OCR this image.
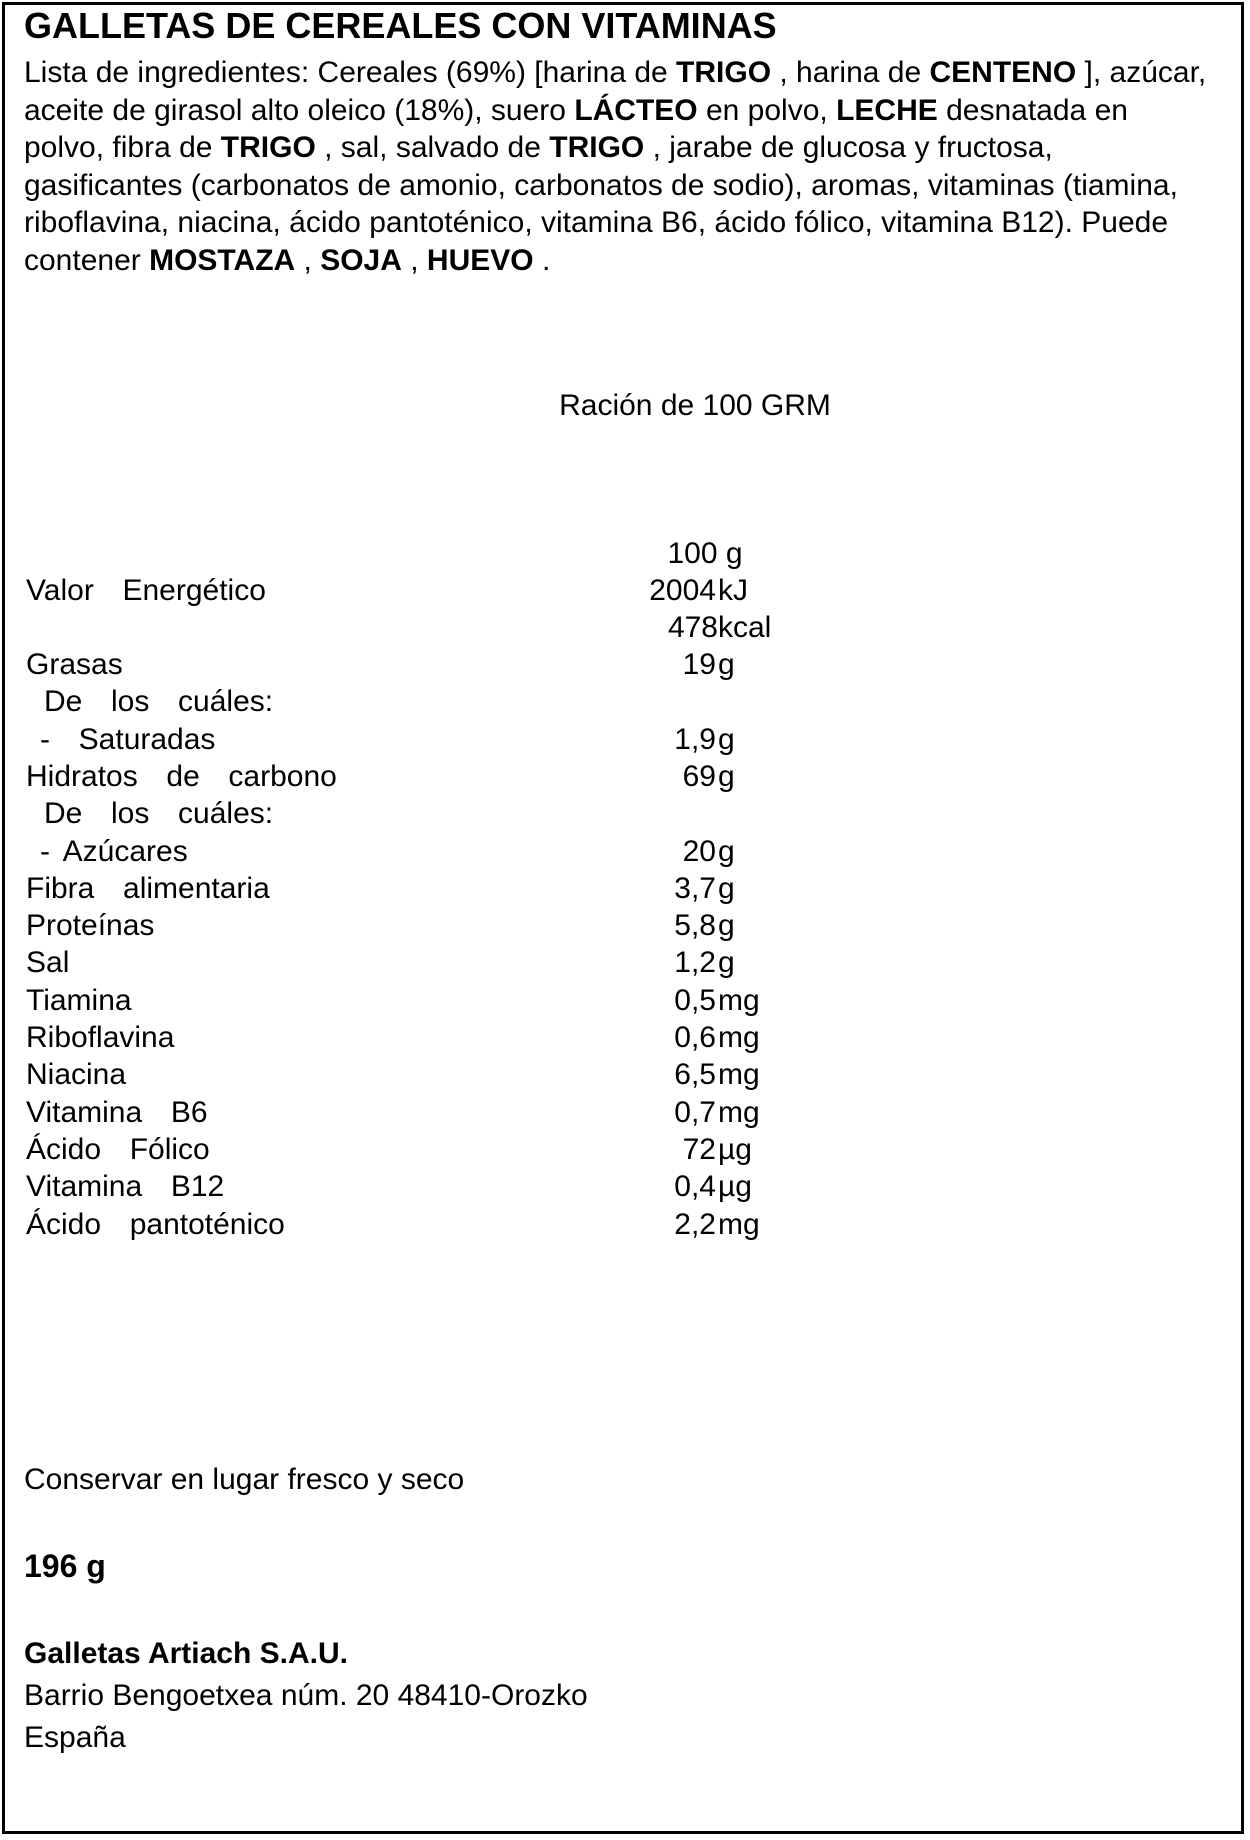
GALLETAS DE CEREALES CON VITAMINAS
Lista de ingredientes: Cereales (69%) [harina de TRIGO , harina de CENTENO ], azúcar, aceite de girasol alto oleico (18%), suero LÁCTEO en polvo, LECHE desnatada en polvo, fibra de TRIGO , sal, salvado de TRIGO , jarabe de glucosa y fructosa, gasificantes (carbonatos de amonio, carbonatos de sodio), aromas, vitaminas (tiamina, riboflavina, niacina, ácido pantoténico, vitamina B6, ácido fólico, vitamina B12). Puede contener MOSTAZA , SOJA , HUEVO .
Ración de 100 GRM
100 g
Valor  Energético	2004 kJ
478 kcal
Grasas	19 g
De  los  cuáles:
-  Saturadas	1,9 g
Hidratos  de  carbono	69 g
De  los  cuáles:
- Azúcares	20 g
Fibra  alimentaria	3,7 g
Proteínas	5,8 g
Sal	1,2 g
Tiamina	0,5 mg
Riboflavina	0,6 mg
Niacina	6,5 mg
Vitamina  B6	0,7 mg
Ácido  Fólico	72 µg
Vitamina  B12	0,4 µg
Ácido  pantoténico	2,2 mg
Conservar en lugar fresco y seco
196 g
Galletas Artiach S.A.U.
Barrio Bengoetxea núm. 20 48410-Orozko
España
